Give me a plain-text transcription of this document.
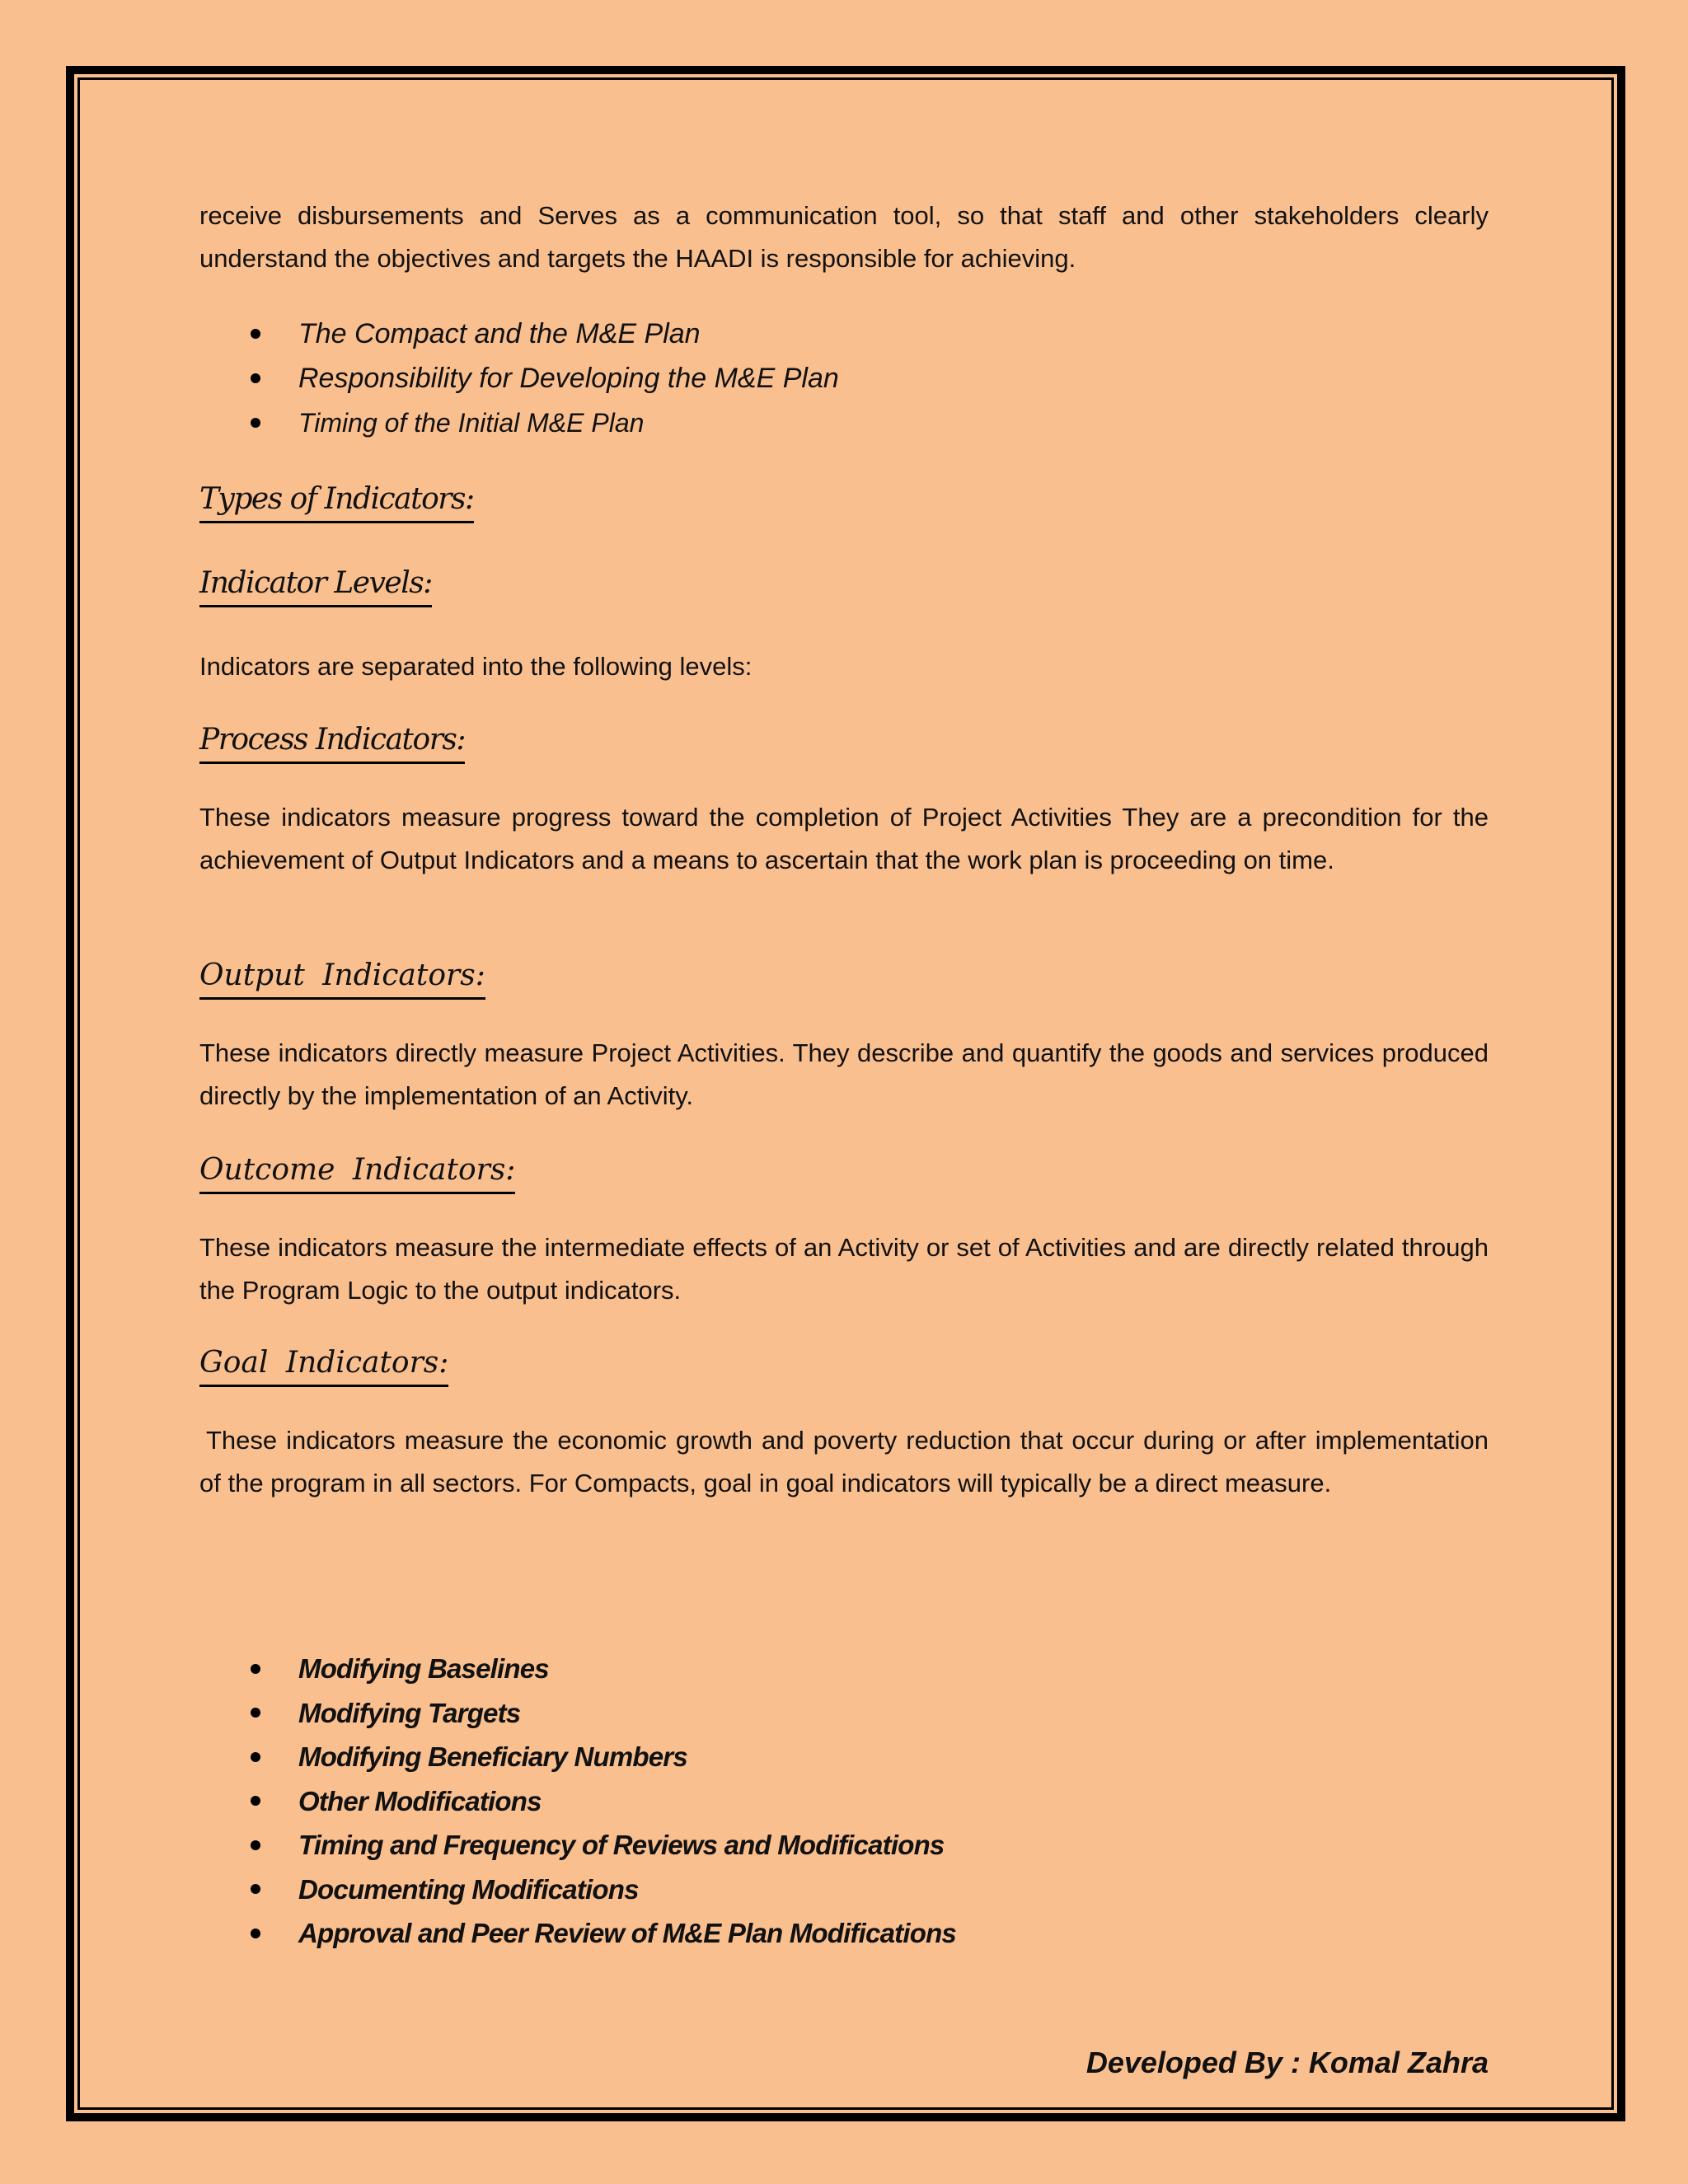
receive disbursements and Serves as a communication tool, so that staff and other stakeholders clearly understand the objectives and targets the HAADI is responsible for achieving.

The Compact and the M&E Plan
Responsibility for Developing the M&E Plan
Timing of the Initial M&E Plan
Types of Indicators:
Indicator Levels:

Indicators are separated into the following levels:

Process Indicators:

These indicators measure progress toward the completion of Project Activities They are a precondition for the achievement of Output Indicators and a means to ascertain that the work plan is proceeding on time.

Output Indicators:

These indicators directly measure Project Activities. They describe and quantify the goods and services produced directly by the implementation of an Activity.

Outcome Indicators:

These indicators measure the intermediate effects of an Activity or set of Activities and are directly related through the Program Logic to the output indicators.

Goal Indicators:

These indicators measure the economic growth and poverty reduction that occur during or after implementation of the program in all sectors. For Compacts, goal in goal indicators will typically be a direct measure.

Modifying Baselines
Modifying Targets
Modifying Beneficiary Numbers
Other Modifications
Timing and Frequency of Reviews and Modifications
Documenting Modifications
Approval and Peer Review of M&E Plan Modifications
Developed By : Komal Zahra
